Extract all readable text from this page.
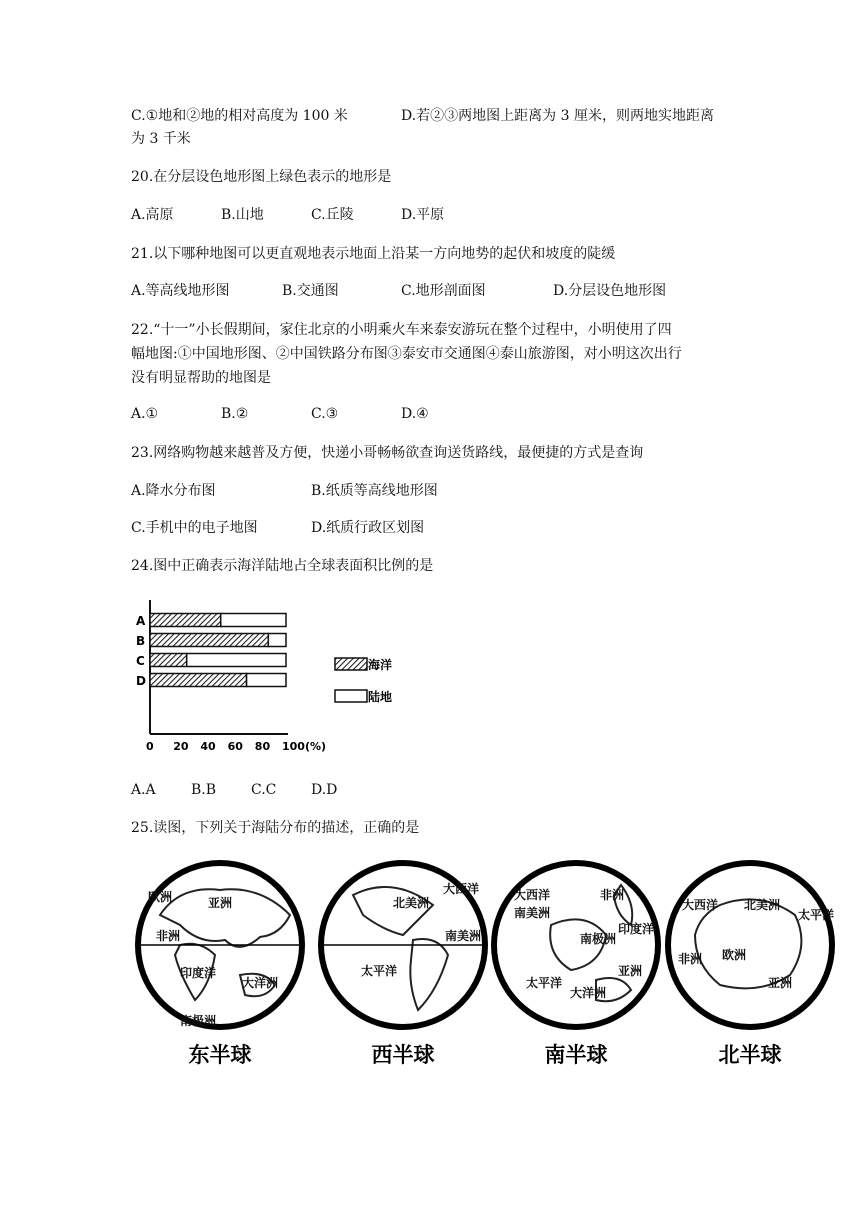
C.①地和②地的相对高度为 100 米	D.若②③两地图上距离为 3 厘米，则两地实地距离
为 3 千米
20.在分层设色地形图上绿色表示的地形是
A.高原	B.山地	C.丘陵	D.平原
21.以下哪种地图可以更直观地表示地面上沿某一方向地势的起伏和坡度的陡缓
A.等高线地形图	B.交通图	C.地形剖面图	D.分层设色地形图
22.“十一”小长假期间，家住北京的小明乘火车来泰安游玩在整个过程中，小明使用了四
幅地图:①中国地形图、②中国铁路分布图③泰安市交通图④泰山旅游图，对小明这次出行
没有明显帮助的地图是
A.①	B.②	C.③	D.④
23.网络购物越来越普及方便，快递小哥畅畅欲查询送货路线，最便捷的方式是查询
A.降水分布图	B.纸质等高线地形图
C.手机中的电子地图	D.纸质行政区划图
24.图中正确表示海洋陆地占全球表面积比例的是
A
B
C
D
0 20 40 60 80 100(%)
海洋
陆地
A.A	B.B C.C D.D
25.读图，下列关于海陆分布的描述，正确的是
欧洲	亚洲
非洲
印度洋
大洋洲
南极洲
东半球
北美洲
大西洋
南美洲
太平洋
西半球
大西洋	非洲
南美洲
南极洲
印度洋
亚洲
太平洋
大洋洲
南半球
大西洋 北美洲
太平洋
非洲 欧洲
亚洲
北半球
